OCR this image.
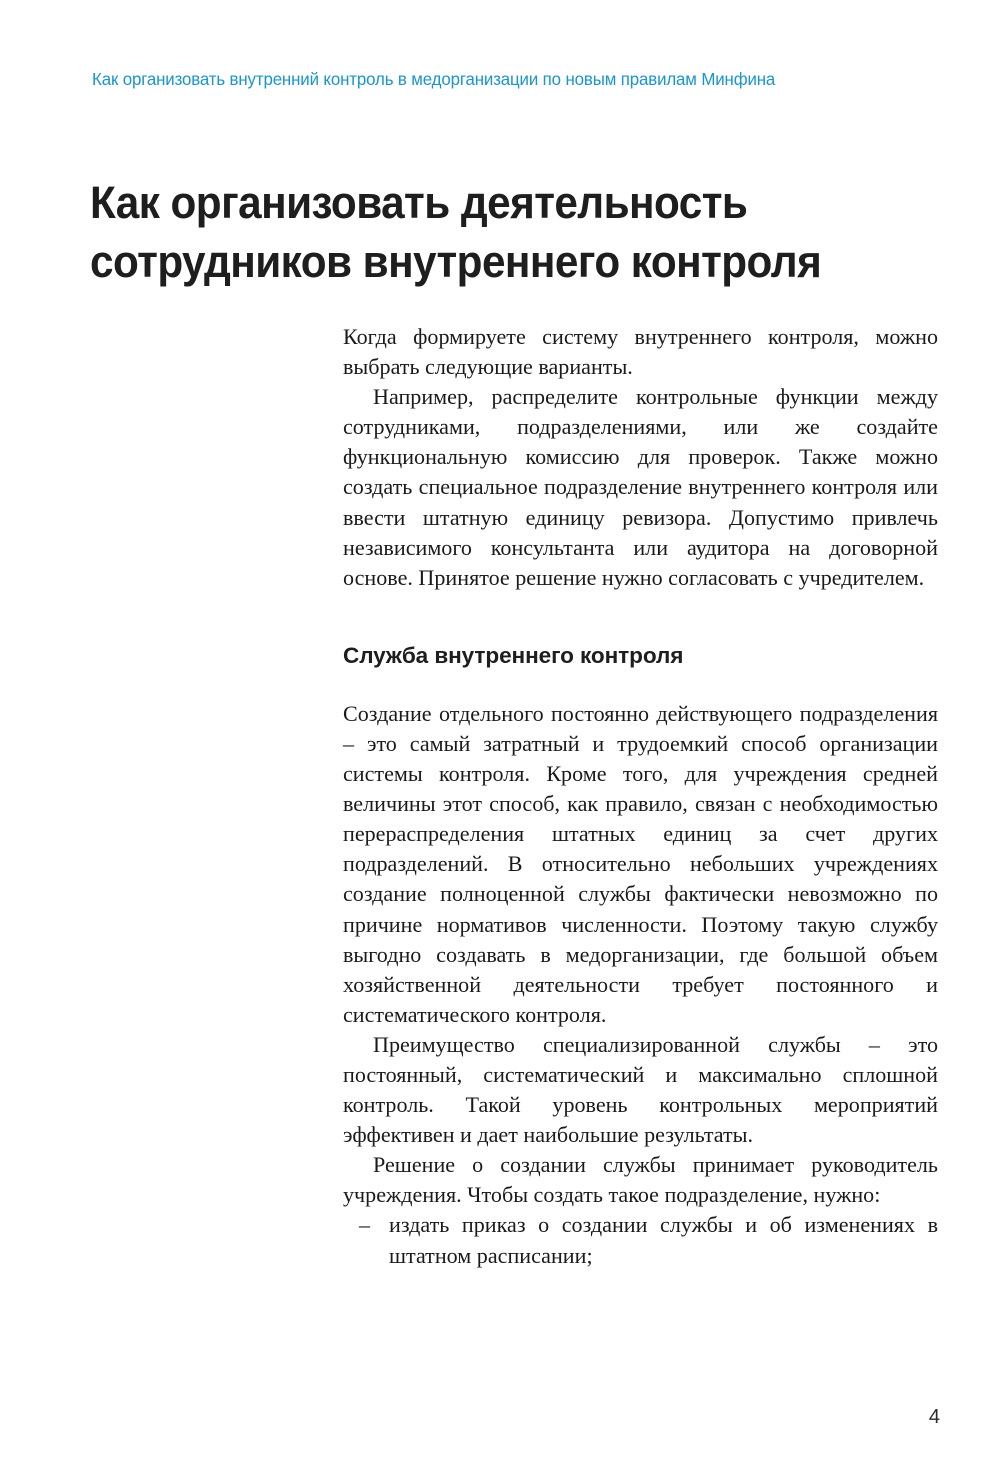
Как организовать внутренний контроль в медорганизации по новым правилам Минфина
Как организовать деятельность
сотрудников внутреннего контроля

Когда формируете систему внутреннего контроля, можно выбрать следующие варианты.

Например, распределите контрольные функции между сотрудниками, подразделениями, или же создайте функциональную комиссию для проверок. Также можно создать специальное подразделение внутреннего контроля или ввести штатную единицу ревизора. Допустимо привлечь независимого консультанта или аудитора на договорной основе. Принятое решение нужно согласовать с учредителем.

Служба внутреннего контроля

Создание отдельного постоянно действующего подразделения – это самый затратный и трудоемкий способ организации системы контроля. Кроме того, для учреждения средней величины этот способ, как правило, связан с необходимостью перераспределения штатных единиц за счет других подразделений. В относительно небольших учреждениях создание полноценной службы фактически невозможно по причине нормативов численности. Поэтому такую службу выгодно создавать в медорганизации, где большой объем хозяйственной деятельности требует постоянного и систематического контроля.

Преимущество специализированной службы – это постоянный, систематический и максимально сплошной контроль. Такой уровень контрольных мероприятий эффективен и дает наибольшие результаты.

Решение о создании службы принимает руководитель учреждения. Чтобы создать такое подразделение, нужно:

– издать приказ о создании службы и об изменениях в штатном расписании;
4
